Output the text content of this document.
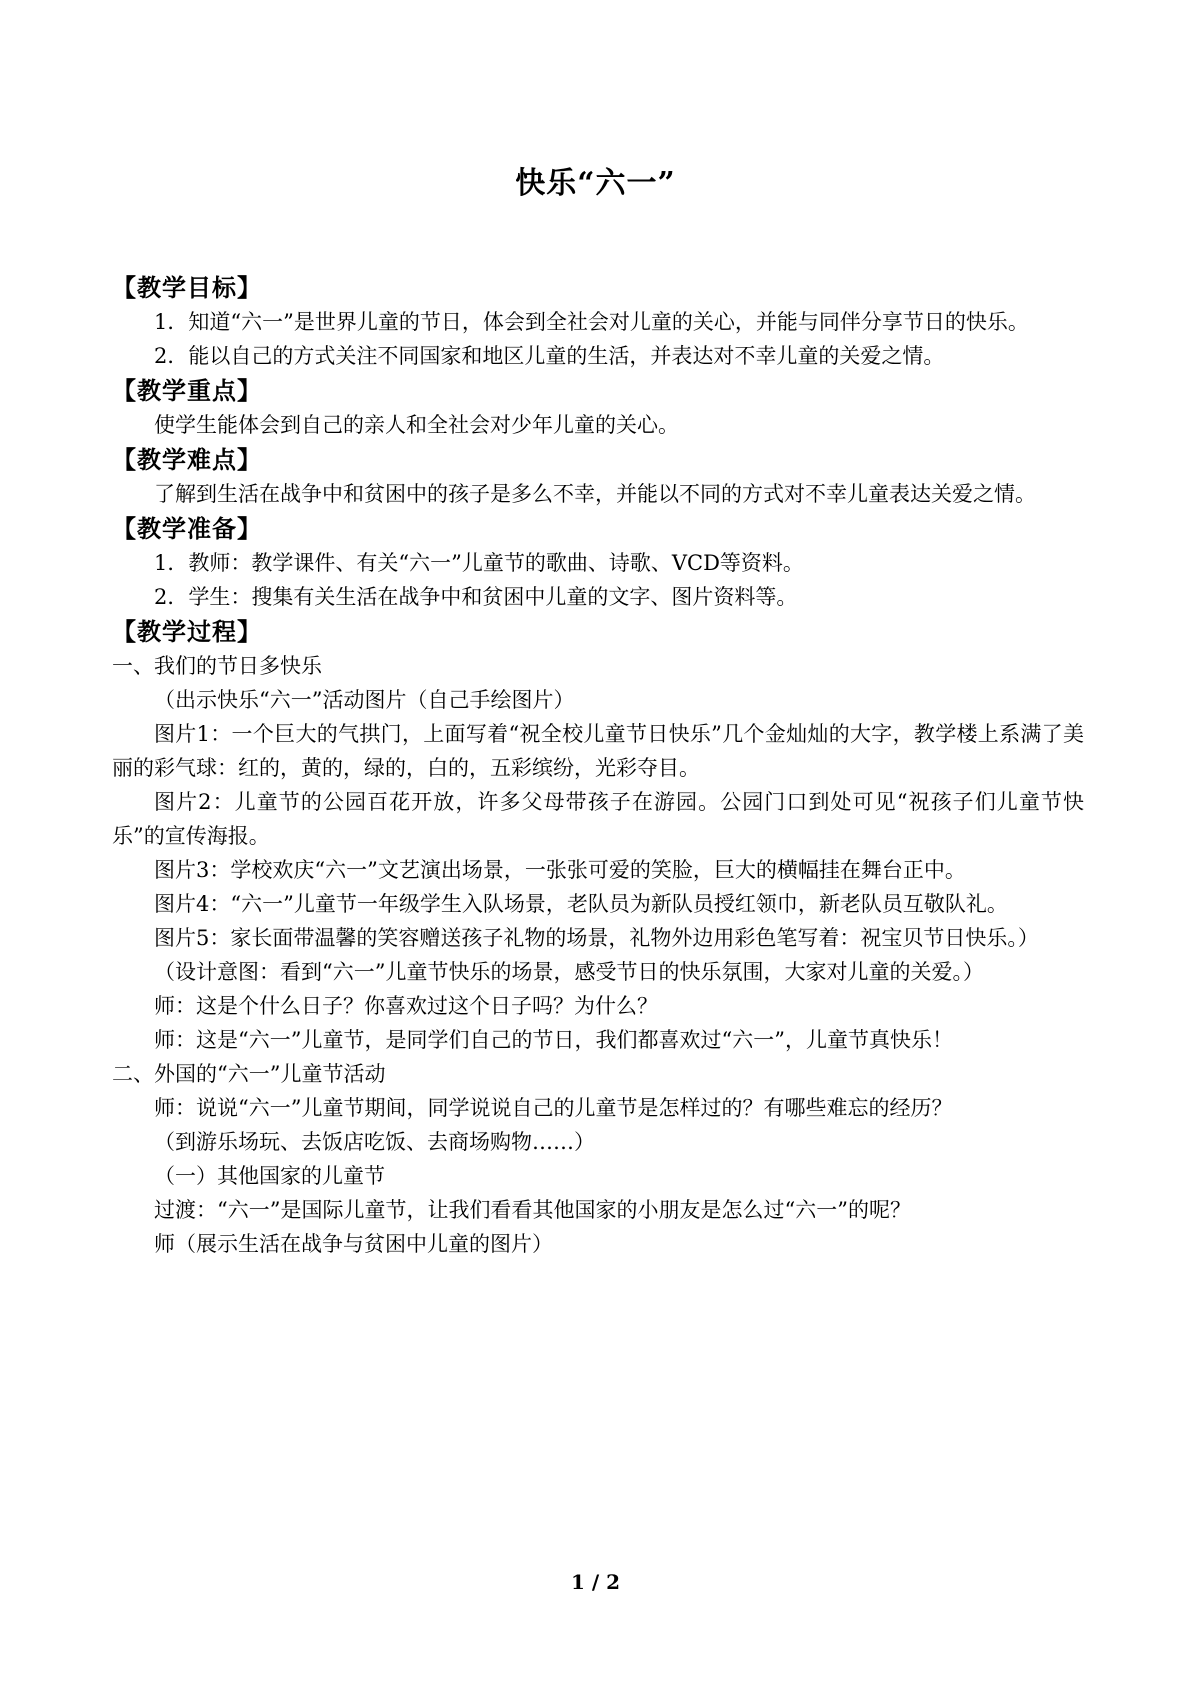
快乐“六一”

【教学目标】

1．知道“六一”是世界儿童的节日，体会到全社会对儿童的关心，并能与同伴分享节日的快乐。

2．能以自己的方式关注不同国家和地区儿童的生活，并表达对不幸儿童的关爱之情。

【教学重点】

使学生能体会到自己的亲人和全社会对少年儿童的关心。

【教学难点】

了解到生活在战争中和贫困中的孩子是多么不幸，并能以不同的方式对不幸儿童表达关爱之情。

【教学准备】

1．教师：教学课件、有关“六一”儿童节的歌曲、诗歌、VCD等资料。

2．学生：搜集有关生活在战争中和贫困中儿童的文字、图片资料等。

【教学过程】

一、我们的节日多快乐

（出示快乐“六一”活动图片（自己手绘图片）

图片1：一个巨大的气拱门，上面写着“祝全校儿童节日快乐”几个金灿灿的大字，教学楼上系满了美丽的彩气球：红的，黄的，绿的，白的，五彩缤纷，光彩夺目。

图片2：儿童节的公园百花开放，许多父母带孩子在游园。公园门口到处可见“祝孩子们儿童节快乐”的宣传海报。

图片3：学校欢庆“六一”文艺演出场景，一张张可爱的笑脸，巨大的横幅挂在舞台正中。

图片4：“六一”儿童节一年级学生入队场景，老队员为新队员授红领巾，新老队员互敬队礼。

图片5：家长面带温馨的笑容赠送孩子礼物的场景，礼物外边用彩色笔写着：祝宝贝节日快乐。）

（设计意图：看到“六一”儿童节快乐的场景，感受节日的快乐氛围，大家对儿童的关爱。）

师：这是个什么日子？你喜欢过这个日子吗？为什么？

师：这是“六一”儿童节，是同学们自己的节日，我们都喜欢过“六一”，儿童节真快乐！

二、外国的“六一”儿童节活动

师：说说“六一”儿童节期间，同学说说自己的儿童节是怎样过的？有哪些难忘的经历？

（到游乐场玩、去饭店吃饭、去商场购物……）

（一）其他国家的儿童节

过渡：“六一”是国际儿童节，让我们看看其他国家的小朋友是怎么过“六一”的呢？

师（展示生活在战争与贫困中儿童的图片）

1 / 2
